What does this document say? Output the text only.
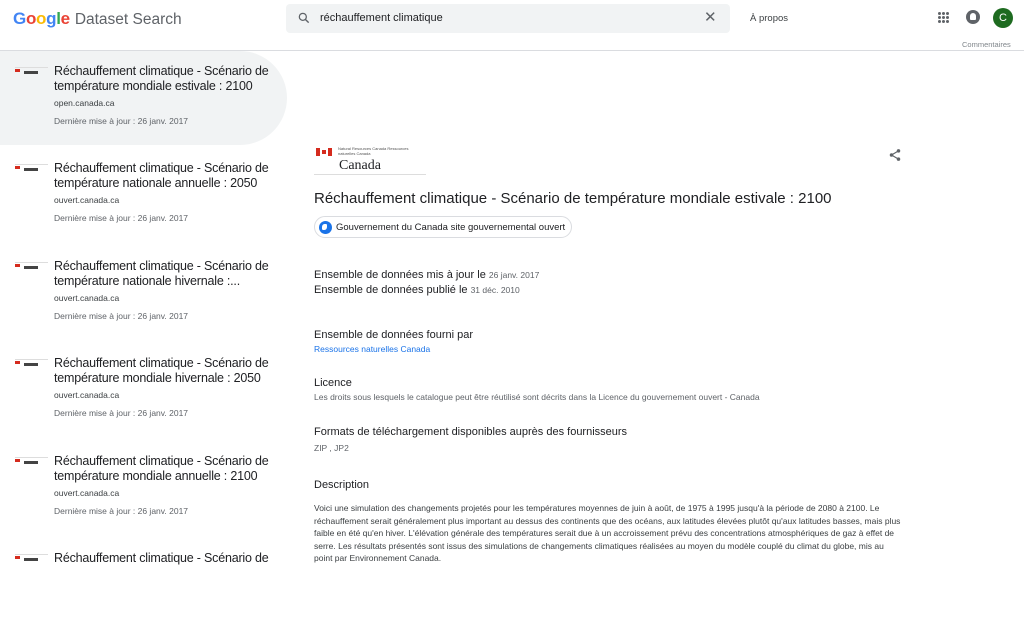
Google Dataset Search	réchauffement climatique	✕	À propos	C
Commentaires
Réchauffement climatique - Scénario de température mondiale estivale : 2100
open.canada.ca
Dernière mise à jour : 26 janv. 2017
Réchauffement climatique - Scénario de température nationale annuelle : 2050
ouvert.canada.ca
Dernière mise à jour : 26 janv. 2017
Réchauffement climatique - Scénario de température nationale hivernale :...
ouvert.canada.ca
Dernière mise à jour : 26 janv. 2017
Réchauffement climatique - Scénario de température mondiale hivernale : 2050
ouvert.canada.ca
Dernière mise à jour : 26 janv. 2017
Réchauffement climatique - Scénario de température mondiale annuelle : 2100
ouvert.canada.ca
Dernière mise à jour : 26 janv. 2017
Réchauffement climatique - Scénario de
Natural Resources Canada Ressources naturelles Canada
Canada
Réchauffement climatique - Scénario de température mondiale estivale : 2100
Gouvernement du Canada site gouvernemental ouvert
Ensemble de données mis à jour le 26 janv. 2017
Ensemble de données publié le 31 déc. 2010
Ensemble de données fourni par
Ressources naturelles Canada
Licence
Les droits sous lesquels le catalogue peut être réutilisé sont décrits dans la Licence du gouvernement ouvert - Canada
Formats de téléchargement disponibles auprès des fournisseurs
ZIP , JP2
Description
Voici une simulation des changements projetés pour les températures moyennes de juin à août, de 1975 à 1995 jusqu'à la période de 2080 à 2100. Le réchauffement serait généralement plus important au dessus des continents que des océans, aux latitudes élevées plutôt qu'aux latitudes basses, mais plus faible en été qu'en hiver. L'élévation générale des températures serait due à un accroissement prévu des concentrations atmosphériques de gaz à effet de serre. Les résultats présentés sont issus des simulations de changements climatiques réalisées au moyen du modèle couplé du climat du globe, mis au point par Environnement Canada.
